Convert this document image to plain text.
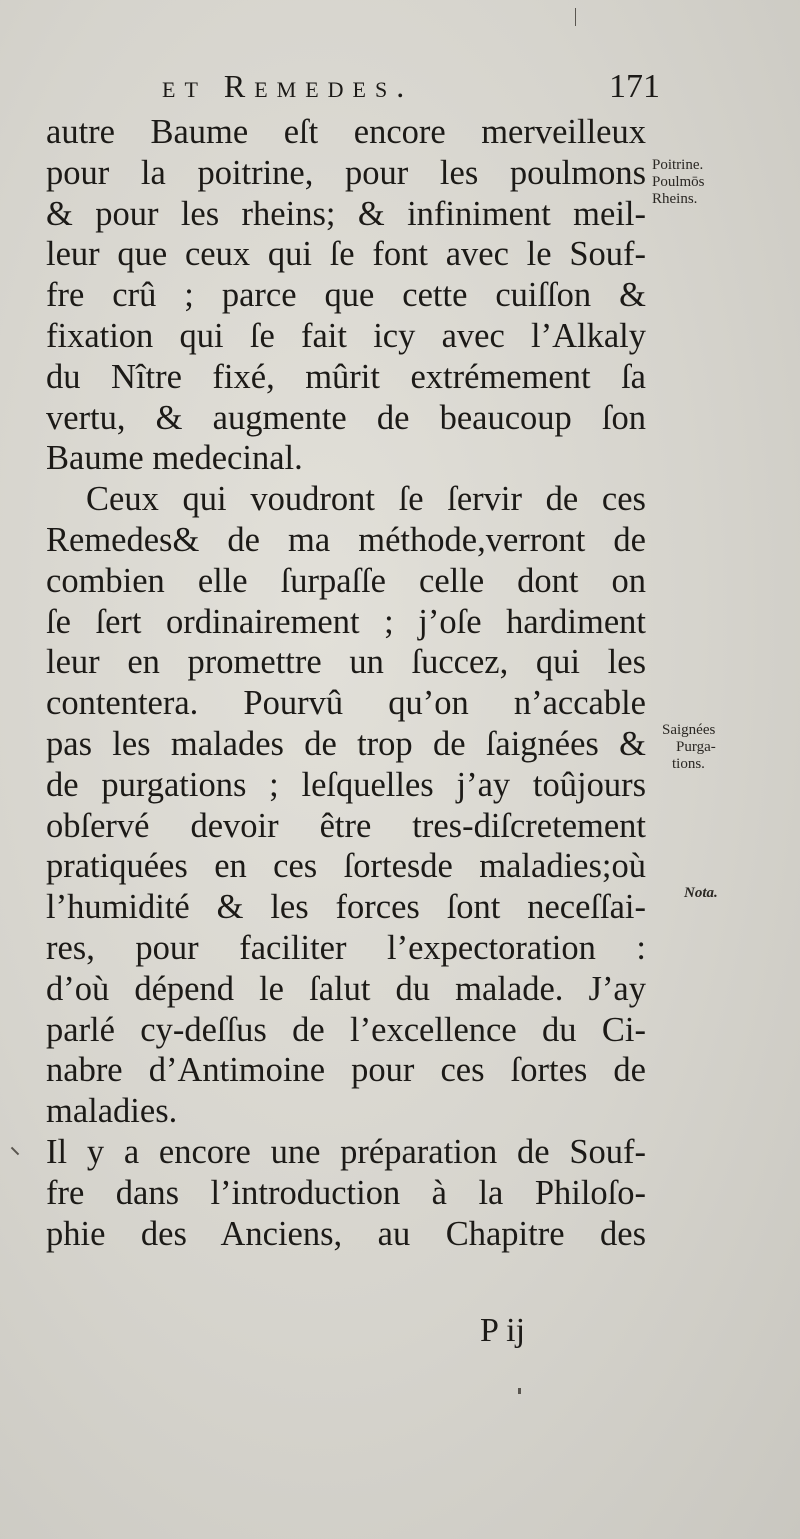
et Remedes.	171
autre Baume eſt encore merveilleux
pour la poitrine, pour les poulmons
& pour les rheins; & infiniment meil-
leur que ceux qui ſe font avec le Souf-
fre crû ; parce que cette cuiſſon &
fixation qui ſe fait icy avec l’Alkaly
du Nître fixé, mûrit extrémement ſa
vertu, & augmente de beaucoup ſon
Baume medecinal.
Ceux qui voudront ſe ſervir de ces
Remedes& de ma méthode,verront de
combien elle ſurpaſſe celle dont on
ſe ſert ordinairement ; j’oſe hardiment
leur en promettre un ſuccez, qui les
contentera. Pourvû qu’on n’accable
pas les malades de trop de ſaignées &
de purgations ; leſquelles j’ay toûjours
obſervé devoir être tres-diſcretement
pratiquées en ces ſortesde maladies;où
l’humidité & les forces ſont neceſſai-
res, pour faciliter l’expectoration :
d’où dépend le ſalut du malade. J’ay
parlé cy-deſſus de l’excellence du Ci-
nabre d’Antimoine pour ces ſortes de
maladies.
Il y a encore une préparation de Souf-
fre dans l’introduction à la Philoſo-
phie des Anciens, au Chapitre des
Poitrine.
Poulmōs
Rheins.
Saignées
Purga-
tions.
Nota.
P ij
